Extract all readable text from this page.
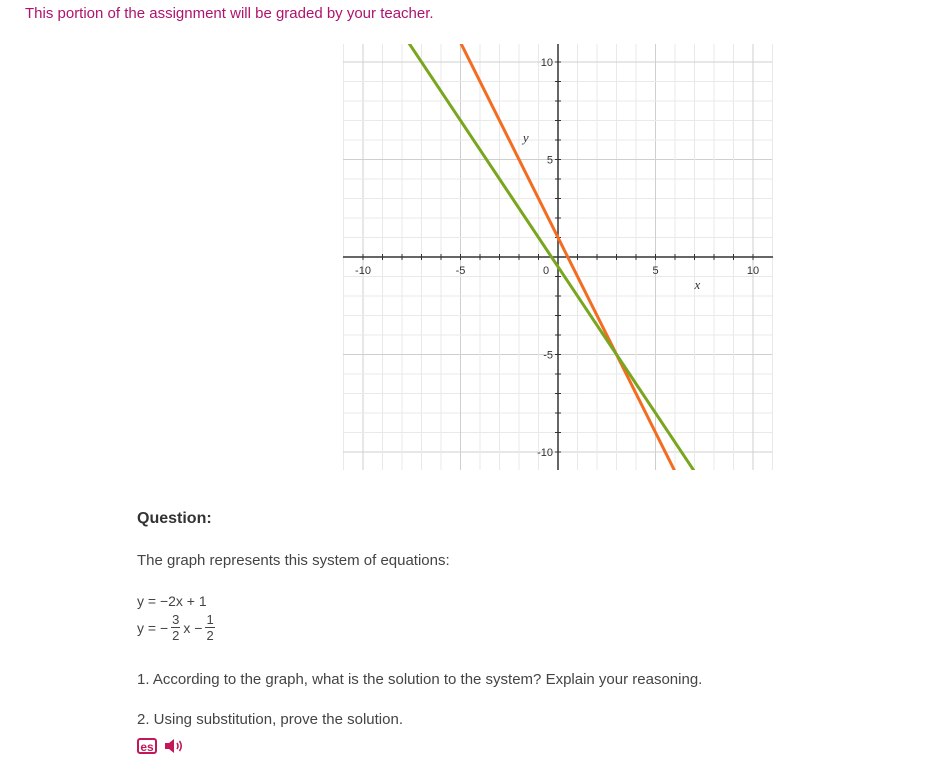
This portion of the assignment will be graded by your teacher.
-10	-5	0	5	10
10
5
-5
-10
x
y
Question:
The graph represents this system of equations:
y = −2x + 1
y = − $\frac{3}{2}$ $x - \frac{1}{2}$
1. According to the graph, what is the solution to the system? Explain your reasoning.
2. Using substitution, prove the solution.
es
